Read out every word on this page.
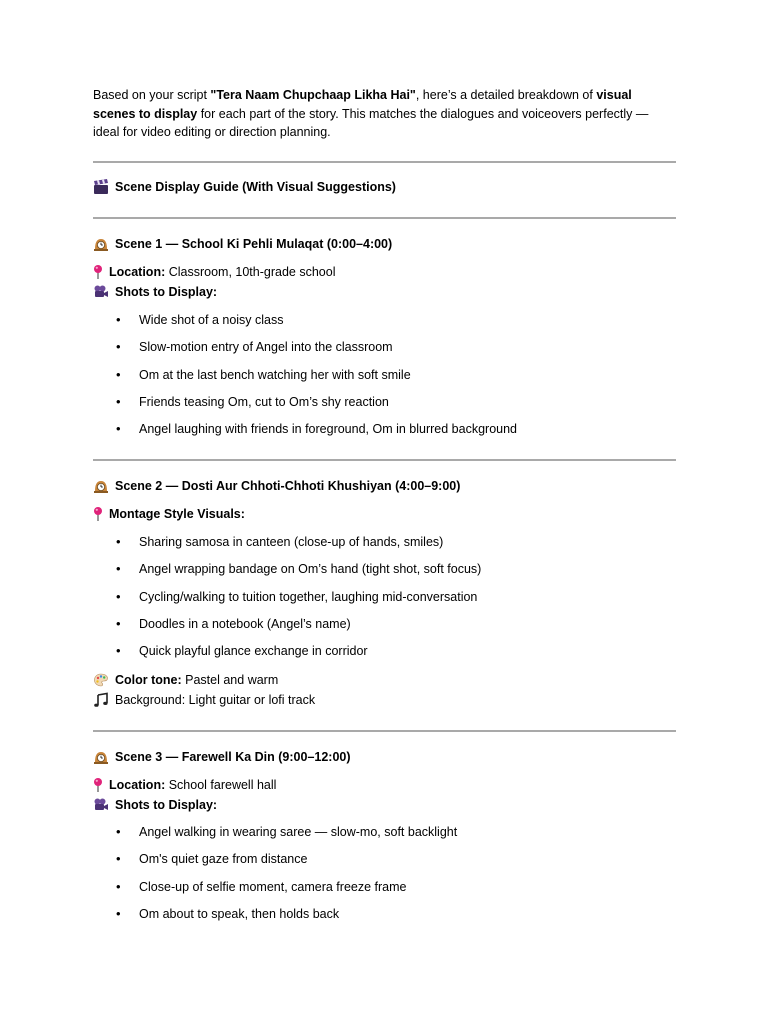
Based on your script "Tera Naam Chupchaap Likha Hai", here’s a detailed breakdown of visual scenes to display for each part of the story. This matches the dialogues and voiceovers perfectly — ideal for video editing or direction planning.

Scene Display Guide (With Visual Suggestions)
Scene 1 — School Ki Pehli Mulaqat (0:00–4:00)
Location: Classroom, 10th-grade school
Shots to Display:
• Wide shot of a noisy class
• Slow-motion entry of Angel into the classroom
• Om at the last bench watching her with soft smile
• Friends teasing Om, cut to Om’s shy reaction
• Angel laughing with friends in foreground, Om in blurred background
Scene 2 — Dosti Aur Chhoti-Chhoti Khushiyan (4:00–9:00)
Montage Style Visuals:
• Sharing samosa in canteen (close-up of hands, smiles)
• Angel wrapping bandage on Om’s hand (tight shot, soft focus)
• Cycling/walking to tuition together, laughing mid-conversation
• Doodles in a notebook (Angel’s name)
• Quick playful glance exchange in corridor
Color tone: Pastel and warm
Background: Light guitar or lofi track
Scene 3 — Farewell Ka Din (9:00–12:00)
Location: School farewell hall
Shots to Display:
• Angel walking in wearing saree — slow-mo, soft backlight
• Om's quiet gaze from distance
• Close-up of selfie moment, camera freeze frame
• Om about to speak, then holds back
